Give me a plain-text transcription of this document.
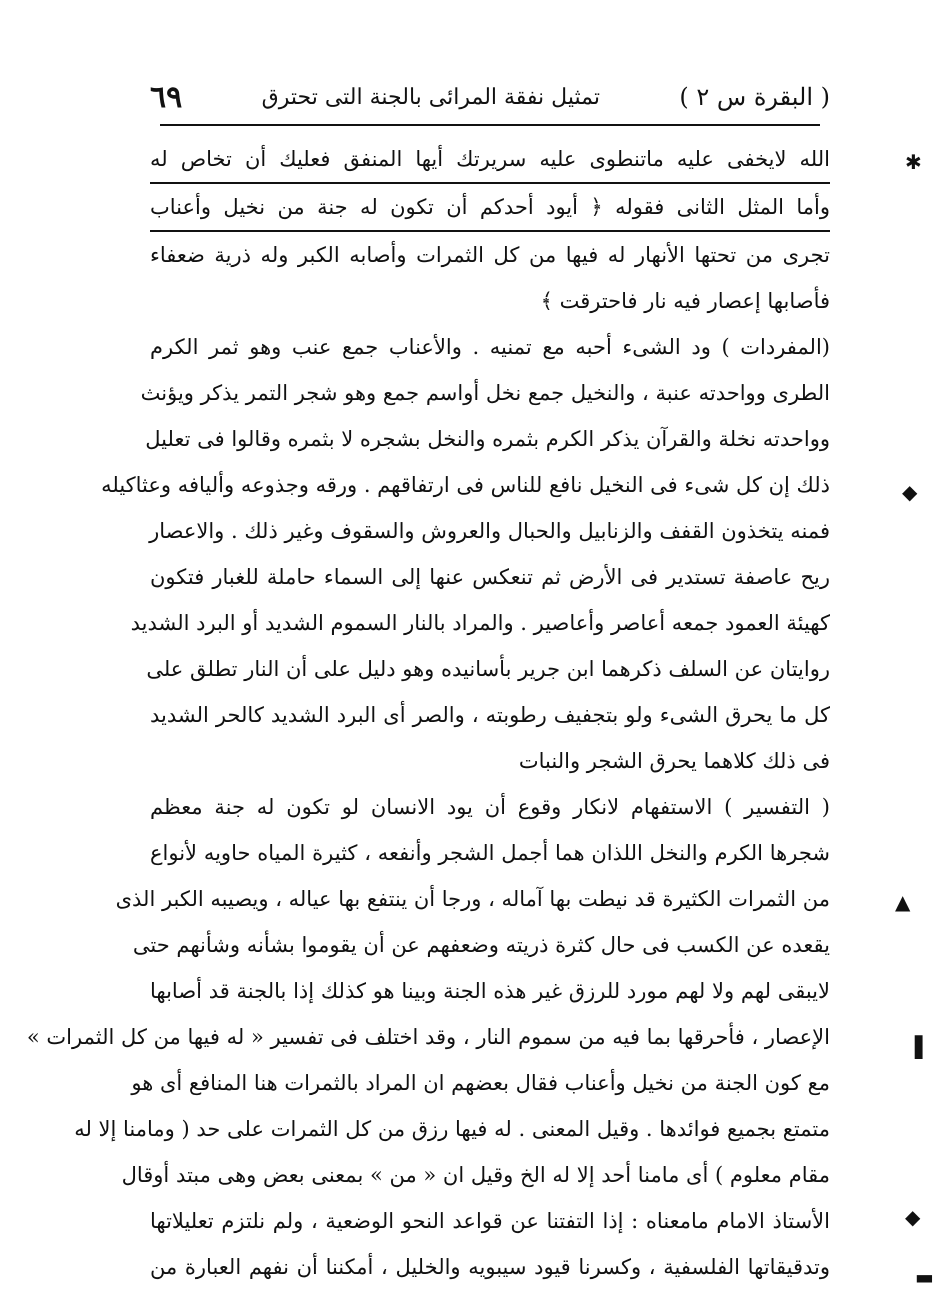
( البقرة س ٢ )
تمثيل نفقة المرائى بالجنة التى تحترق
٦٩
الله لايخفى عليه ماتنطوى عليه سريرتك أيها المنفق فعليك أن تخاص له
وأما المثل الثانى فقوله ﴿ أيود أحدكم أن تكون له جنة من نخيل وأعناب
تجرى من تحتها الأنهار له فيها من كل الثمرات وأصابه الكبر وله ذرية ضعفاء
فأصابها إعصار فيه نار فاحترقت ﴾
(المفردات ) ود الشىء أحبه مع تمنيه . والأعناب جمع عنب وهو ثمر الكرم
الطرى وواحدته عنبة ، والنخيل جمع نخل أواسم جمع وهو شجر التمر يذكر ويؤنث
وواحدته نخلة والقرآن يذكر الكرم بثمره والنخل بشجره لا بثمره وقالوا فى تعليل
ذلك إن كل شىء فى النخيل نافع للناس فى ارتفاقهم . ورقه وجذوعه وأليافه وعثاكيله
فمنه يتخذون القفف والزنابيل والحبال والعروش والسقوف وغير ذلك . والاعصار
ريح عاصفة تستدير فى الأرض ثم تنعكس عنها إلى السماء حاملة للغبار فتكون
كهيئة العمود جمعه أعاصر وأعاصير . والمراد بالنار السموم الشديد أو البرد الشديد
روايتان عن السلف ذكرهما ابن جرير بأسانيده وهو دليل على أن النار تطلق على
كل ما يحرق الشىء ولو بتجفيف رطوبته ، والصر أى البرد الشديد كالحر الشديد
فى ذلك كلاهما يحرق الشجر والنبات
( التفسير ) الاستفهام لانكار وقوع أن يود الانسان لو تكون له جنة معظم
شجرها الكرم والنخل اللذان هما أجمل الشجر وأنفعه ، كثيرة المياه حاويه لأنواع
من الثمرات الكثيرة قد نيطت بها آماله ، ورجا أن ينتفع بها عياله ، ويصيبه الكبر الذى
يقعده عن الكسب فى حال كثرة ذريته وضعفهم عن أن يقوموا بشأنه وشأنهم حتى
لايبقى لهم ولا لهم مورد للرزق غير هذه الجنة وبينا هو كذلك إذا بالجنة قد أصابها
الإعصار ، فأحرقها بما فيه من سموم النار ، وقد اختلف فى تفسير « له فيها من كل الثمرات »
مع كون الجنة من نخيل وأعناب فقال بعضهم ان المراد بالثمرات هنا المنافع أى هو
متمتع بجميع فوائدها . وقيل المعنى . له فيها رزق من كل الثمرات على حد ( ومامنا إلا له
مقام معلوم ) أى مامنا أحد إلا له الخ وقيل ان « من » بمعنى بعض وهى مبتد أوقال
الأستاذ الامام مامعناه : إذا التفتنا عن قواعد النحو الوضعية ، ولم نلتزم تعليلاتها
وتدقيقاتها الفلسفية ، وكسرنا قيود سيبويه والخليل ، أمكننا أن نفهم العبارة من
✱
◆
▲
▌
◆
▬
